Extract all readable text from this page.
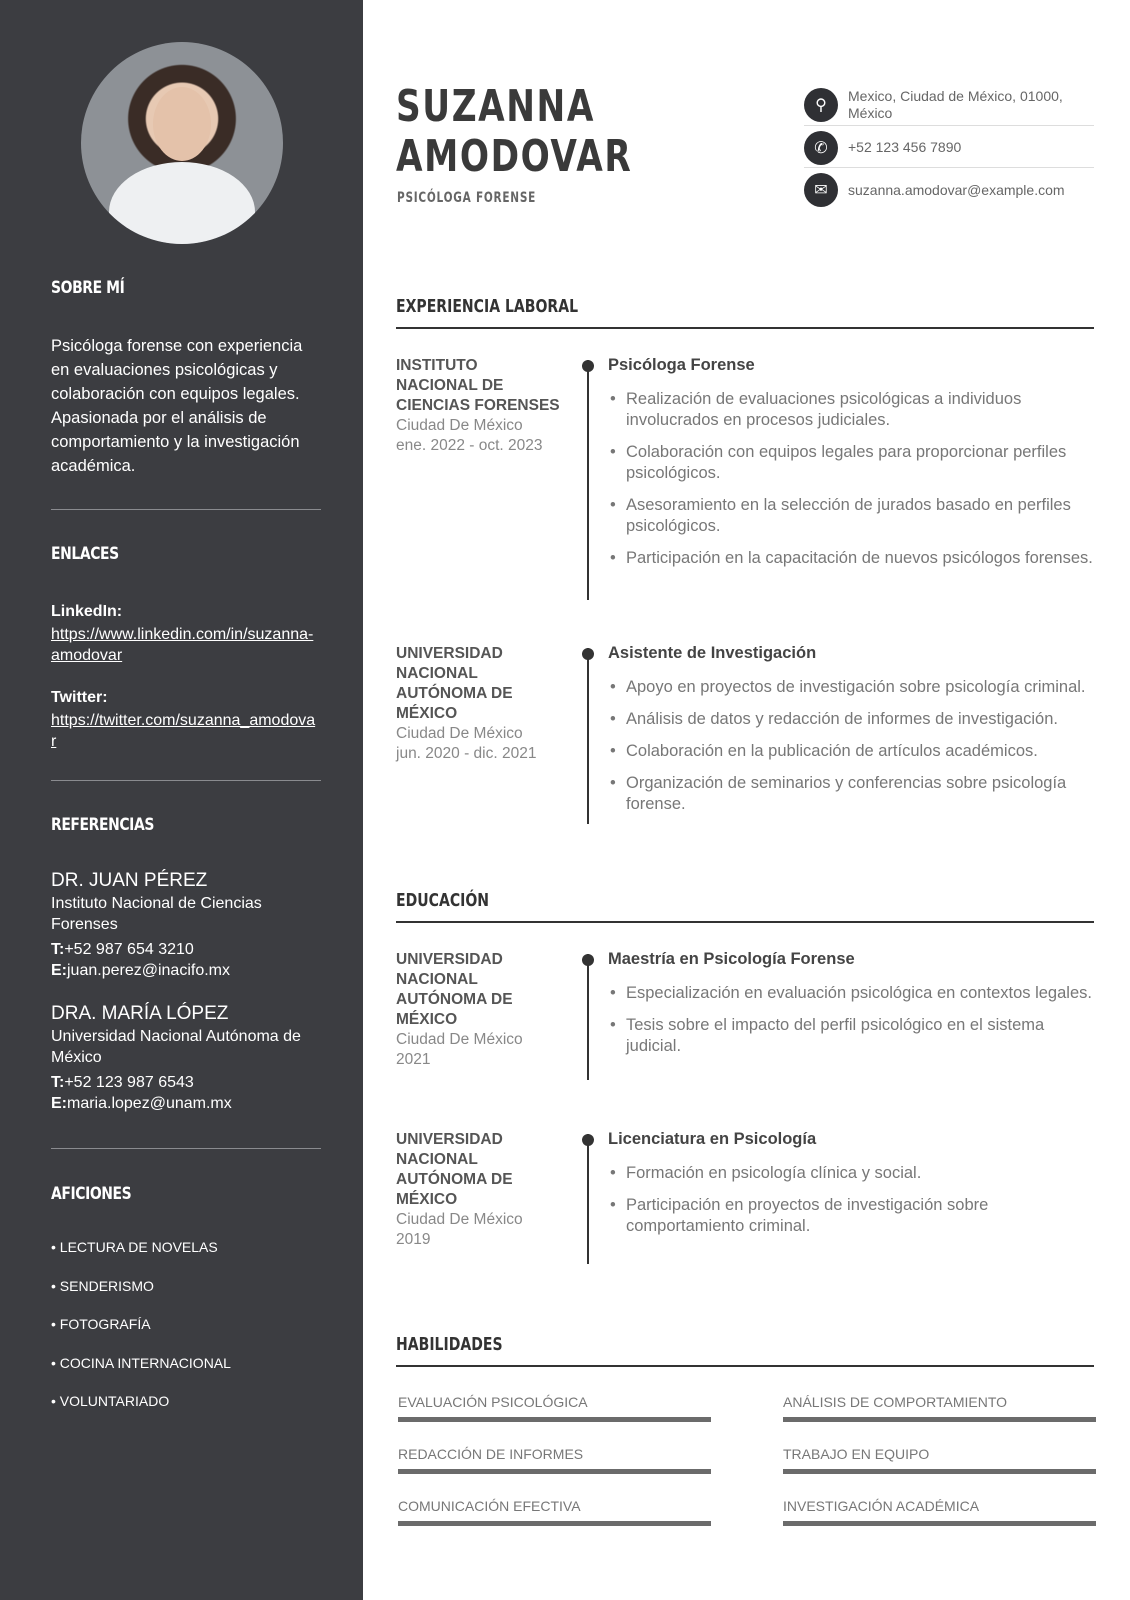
SOBRE MÍ
Psicóloga forense con experiencia en evaluaciones psicológicas y colaboración con equipos legales. Apasionada por el análisis de comportamiento y la investigación académica.
ENLACES
LinkedIn:
https://www.linkedin.com/in/suzanna-amodovar
Twitter:
https://twitter.com/suzanna_amodovar
REFERENCIAS
DR. JUAN PÉREZ
Instituto Nacional de Ciencias Forenses
T:+52 987 654 3210
E:juan.perez@inacifo.mx
DRA. MARÍA LÓPEZ
Universidad Nacional Autónoma de México
T:+52 123 987 6543
E:maria.lopez@unam.mx
AFICIONES
• LECTURA DE NOVELAS
• SENDERISMO
• FOTOGRAFÍA
• COCINA INTERNACIONAL
• VOLUNTARIADO
SUZANNA
AMODOVAR
PSICÓLOGA FORENSE
⚲
Mexico, Ciudad de México, 01000, México
✆	+52 123 456 7890
✉	suzanna.amodovar@example.com
EXPERIENCIA LABORAL
INSTITUTO NACIONAL DE CIENCIAS FORENSES
Ciudad De México
ene. 2022 - oct. 2023
Psicóloga Forense
• Realización de evaluaciones psicológicas a individuos involucrados en procesos judiciales.
• Colaboración con equipos legales para proporcionar perfiles psicológicos.
• Asesoramiento en la selección de jurados basado en perfiles psicológicos.
• Participación en la capacitación de nuevos psicólogos forenses.
UNIVERSIDAD NACIONAL AUTÓNOMA DE MÉXICO
Ciudad De México
jun. 2020 - dic. 2021
Asistente de Investigación
• Apoyo en proyectos de investigación sobre psicología criminal.
• Análisis de datos y redacción de informes de investigación.
• Colaboración en la publicación de artículos académicos.
• Organización de seminarios y conferencias sobre psicología forense.
EDUCACIÓN
UNIVERSIDAD NACIONAL AUTÓNOMA DE MÉXICO
Ciudad De México
2021
Maestría en Psicología Forense
• Especialización en evaluación psicológica en contextos legales.
• Tesis sobre el impacto del perfil psicológico en el sistema judicial.
UNIVERSIDAD NACIONAL AUTÓNOMA DE MÉXICO
Ciudad De México
2019
Licenciatura en Psicología
• Formación en psicología clínica y social.
• Participación en proyectos de investigación sobre comportamiento criminal.
HABILIDADES
EVALUACIÓN PSICOLÓGICA	ANÁLISIS DE COMPORTAMIENTO
REDACCIÓN DE INFORMES	TRABAJO EN EQUIPO
COMUNICACIÓN EFECTIVA	INVESTIGACIÓN ACADÉMICA
